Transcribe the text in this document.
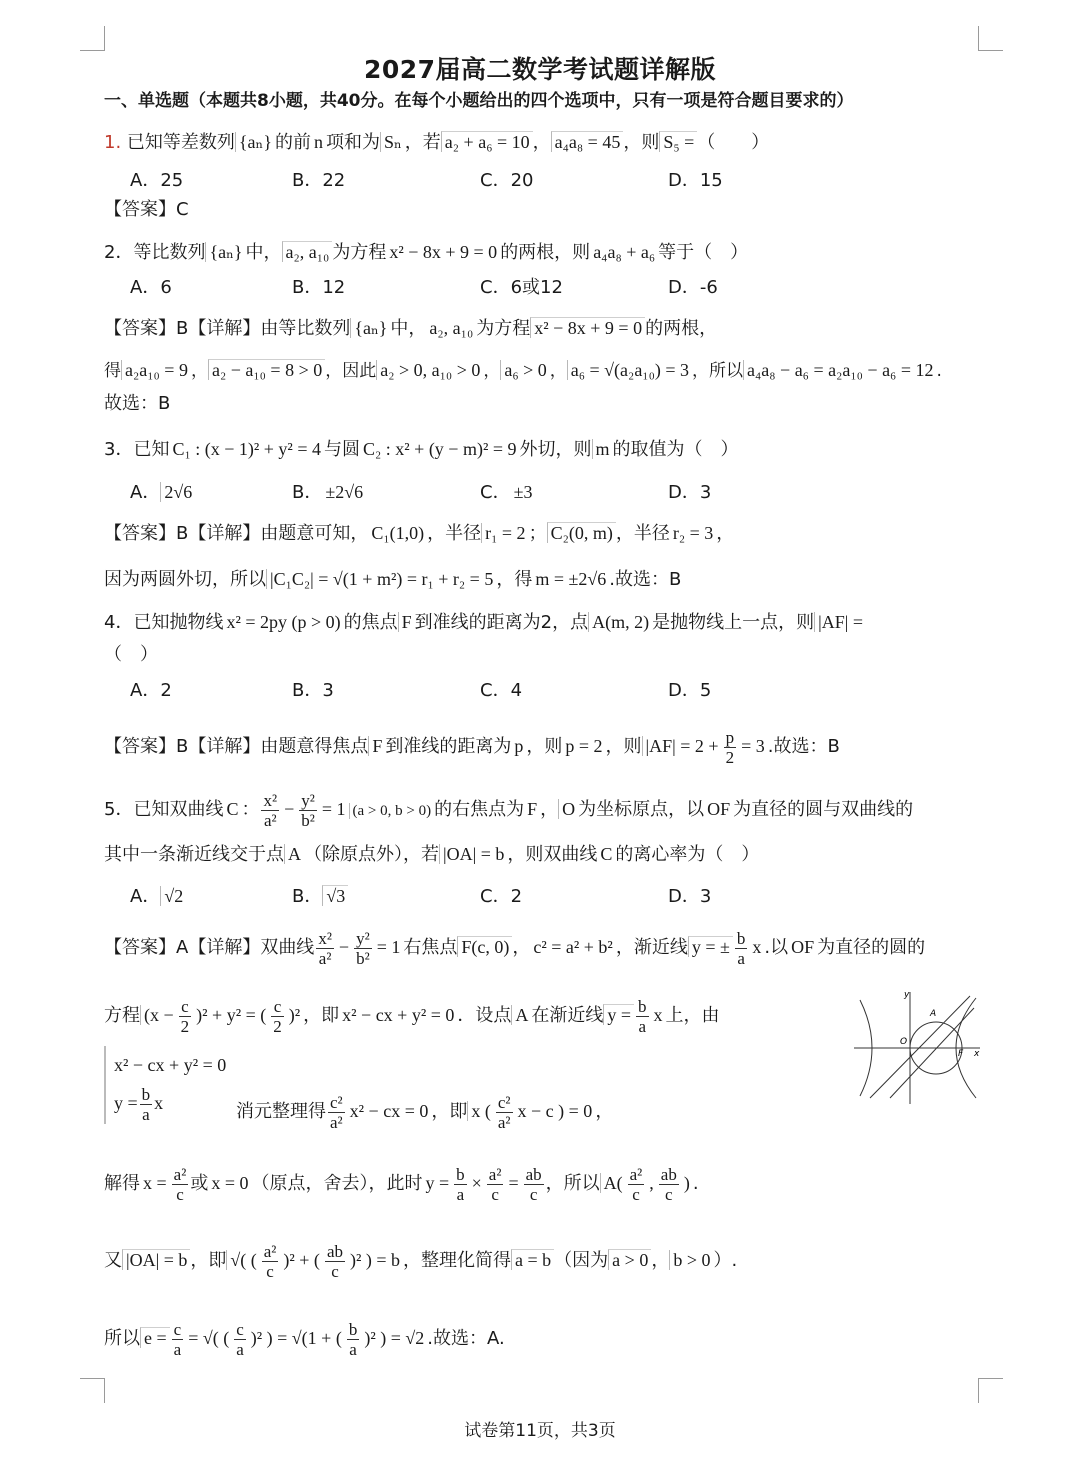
2027届高二数学考试题详解版
一、单选题（本题共8小题，共40分。在每个小题给出的四个选项中，只有一项是符合题目要求的）
1. 已知等差数列 {aₙ} 的前 n 项和为 Sₙ ，若 a₂ + a₆ = 10 ， a₄a₈ = 45 ，则 S₅ = （　　）
A．25	B．22	C．20	D．15
【答案】C
2．等比数列 {aₙ} 中， a₂, a₁₀ 为方程 x² − 8x + 9 = 0 的两根，则 a₄a₈ + a₆ 等于（　）
A．6	B．12	C．6或12	D．-6
【答案】B【详解】由等比数列 {aₙ} 中， a₂, a₁₀ 为方程 x² − 8x + 9 = 0 的两根，
得 a₂a₁₀ = 9 ， a₂ − a₁₀ = 8 > 0 ，因此 a₂ > 0, a₁₀ > 0 ， a₆ > 0 ， a₆ = √(a₂a₁₀) = 3 ，所以 a₄a₈ − a₆ = a₂a₁₀ − a₆ = 12 .
故选：B
3．已知 C₁ : (x − 1)² + y² = 4 与圆 C₂ : x² + (y − m)² = 9 外切，则 m 的取值为（　）
A． 2√6	B． ±2√6	C． ±3	D．3
【答案】B【详解】由题意可知， C₁(1,0) ，半径 r₁ = 2 ； C₂(0, m) ，半径 r₂ = 3 ，
因为两圆外切，所以 |C₁C₂| = √(1 + m²) = r₁ + r₂ = 5 ，得 m = ±2√6 .故选：B
4．已知抛物线 x² = 2py (p > 0) 的焦点 F 到准线的距离为2，点 A(m, 2) 是抛物线上一点，则 |AF| =
（　）
A．2	B．3	C．4	D．5
【答案】B【详解】由题意得焦点 F 到准线的距离为 p ，则 p = 2 ，则 $|AF| = 2 + \frac{p}{2} = 3$ .故选：B
5．已知双曲线 C ： $\frac{\text{x²}}{\text{a²}} - \frac{\text{y²}}{\text{b²}} = 1$ (a > 0, b > 0) 的右焦点为 F ， O 为坐标原点，以 OF 为直径的圆与双曲线的
其中一条渐近线交于点 A （除原点外），若 |OA| = b ，则双曲线 C 的离心率为（　）
A． √2	B． √3	C．2	D．3
【答案】A【详解】双曲线 $\frac{\text{x²}}{\text{a²}} - \frac{\text{y²}}{\text{b²}} = 1$ 右焦点 F(c, 0) ， c² = a² + b² ，渐近线 y = ± $\frac{b}{a}$ x .以 OF 为直径的圆的
方程 $(x - \frac{c}{2} )^2 + y^2$ = ( $\frac{c}{2} )^2$ ，即 x² − cx + y² = 0 ．设点 A 在渐近线 $y = \frac{b}{a}$ x 上，由
x² − cx + y² = 0
$y = \frac{b}{a}$ x	消元整理得 $\frac{\text{c²}}{\text{a²}} x^2$ − cx = 0 ，即 x ( $\frac{\text{c²}}{\text{a²}}$ x − c ) = 0 ，
解得 $x = \frac{\text{a²}}{c}$ 或 x = 0 （原点，舍去），此时 $y = \frac{b}{a} \times \frac{\text{a²}}{c} = \frac{ab}{c}$ ，所以 $A( \frac{\text{a²}}{c}$ , $\frac{ab}{c}$ ) .
又 |OA| = b ，即 √( ( $\frac{\text{a²}}{c} )^2$ + ( $\frac{ab}{c} )^2$ ) = b ，整理化简得 a = b （因为 a > 0 ， b > 0 ）.
所以 $e = \frac{c}{a}$ = √( ( $\frac{c}{a} )^2$ ) = √(1 + ( $\frac{b}{a} )^2$ ) = √2 .故选：A.
y
A
O
F x
试卷第11页，共3页
